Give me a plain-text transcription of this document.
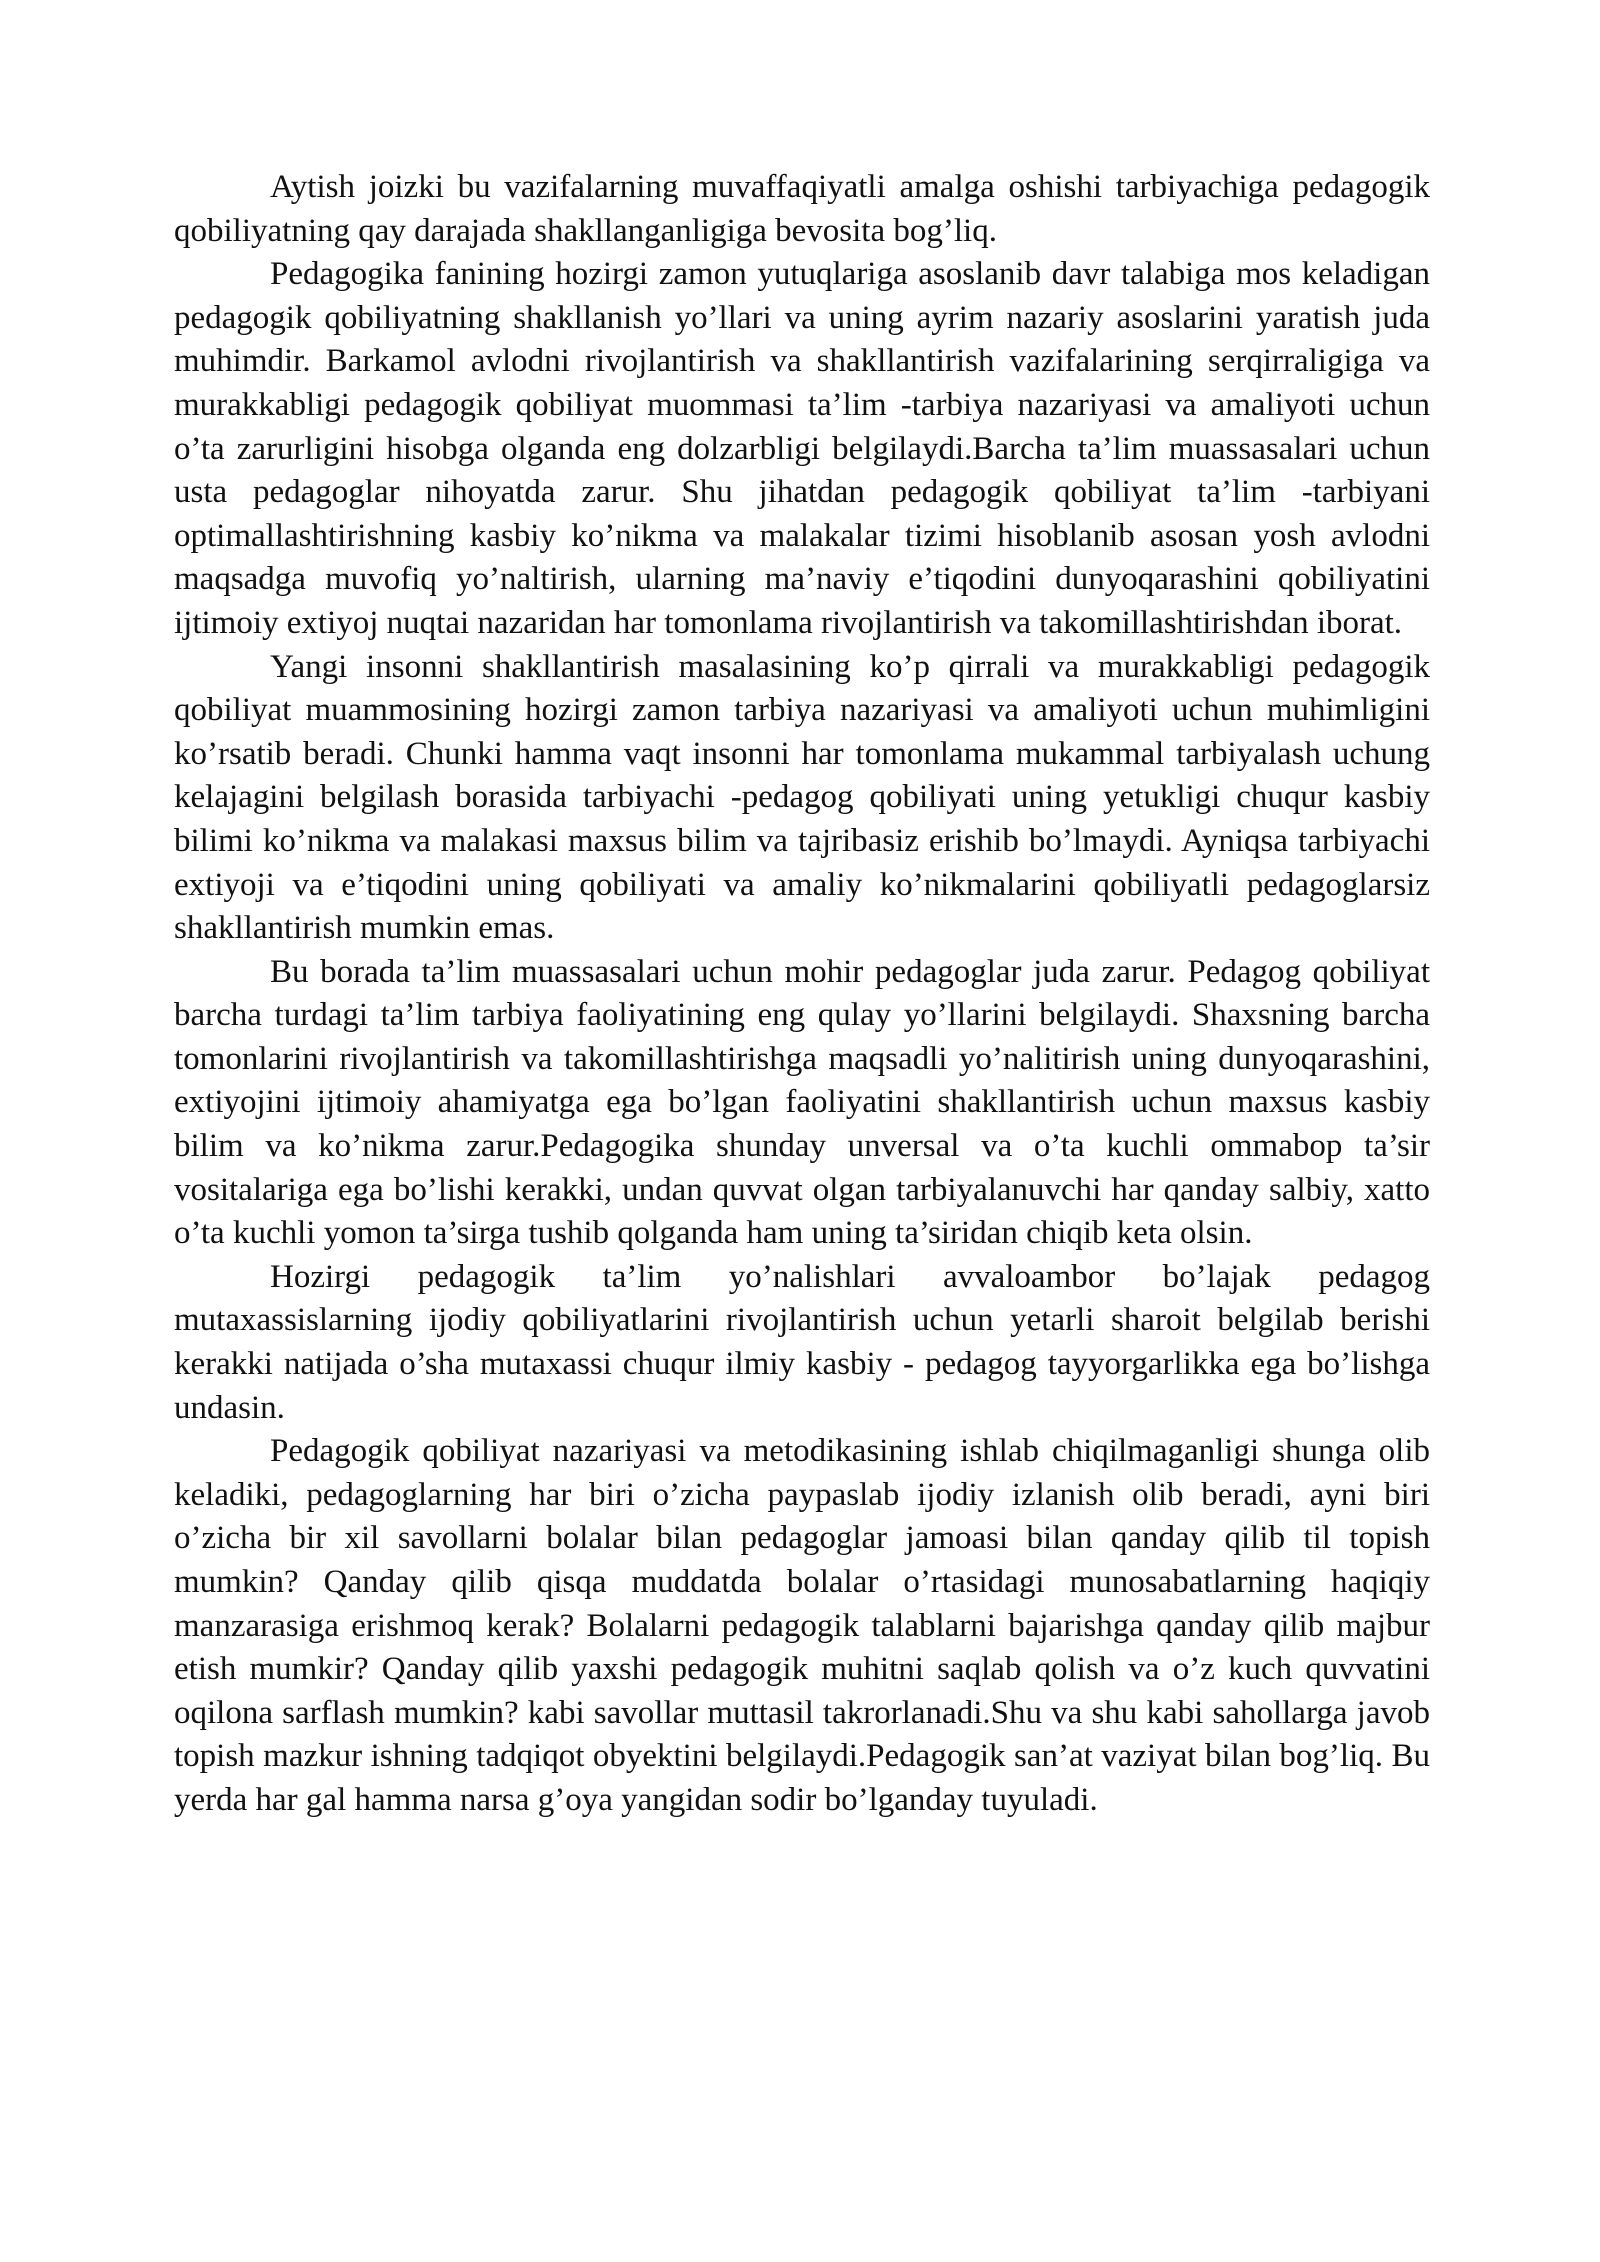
Aytish joizki bu vazifalarning muvaffaqiyatli amalga oshishi tarbiyachiga pedagogik qobiliyatning qay darajada shakllanganligiga bevosita bog’liq.

Pedagogika fanining hozirgi zamon yutuqlariga asoslanib davr talabiga mos keladigan pedagogik qobiliyatning shakllanish yo’llari va uning ayrim nazariy asoslarini yaratish juda muhimdir. Barkamol avlodni rivojlantirish va shakllantirish vazifalarining serqirraligiga va murakkabligi pedagogik qobiliyat muommasi ta’lim -tarbiya nazariyasi va amaliyoti uchun o’ta zarurligini hisobga olganda eng dolzarbligi belgilaydi.Barcha ta’lim muassasalari uchun usta pedagoglar nihoyatda zarur. Shu jihatdan pedagogik qobiliyat ta’lim -tarbiyani optimallashtirishning kasbiy ko’nikma va malakalar tizimi hisoblanib asosan yosh avlodni maqsadga muvofiq yo’naltirish, ularning ma’naviy e’tiqodini dunyoqarashini qobiliyatini ijtimoiy extiyoj nuqtai nazaridan har tomonlama rivojlantirish va takomillashtirishdan iborat.

Yangi insonni shakllantirish masalasining ko’p qirrali va murakkabligi pedagogik qobiliyat muammosining hozirgi zamon tarbiya nazariyasi va amaliyoti uchun muhimligini ko’rsatib beradi. Chunki hamma vaqt insonni har tomonlama mukammal tarbiyalash uchung kelajagini belgilash borasida tarbiyachi -pedagog qobiliyati uning yetukligi chuqur kasbiy bilimi ko’nikma va malakasi maxsus bilim va tajribasiz erishib bo’lmaydi. Ayniqsa tarbiyachi extiyoji va e’tiqodini uning qobiliyati va amaliy ko’nikmalarini qobiliyatli pedagoglarsiz shakllantirish mumkin emas.

Bu borada ta’lim muassasalari uchun mohir pedagoglar juda zarur. Pedagog qobiliyat barcha turdagi ta’lim tarbiya faoliyatining eng qulay yo’llarini belgilaydi. Shaxsning barcha tomonlarini rivojlantirish va takomillashtirishga maqsadli yo’nalitirish uning dunyoqarashini, extiyojini ijtimoiy ahamiyatga ega bo’lgan faoliyatini shakllantirish uchun maxsus kasbiy bilim va ko’nikma zarur.Pedagogika shunday unversal va o’ta kuchli ommabop ta’sir vositalariga ega bo’lishi kerakki, undan quvvat olgan tarbiyalanuvchi har qanday salbiy, xatto o’ta kuchli yomon ta’sirga tushib qolganda ham uning ta’siridan chiqib keta olsin.

Hozirgi pedagogik ta’lim yo’nalishlari avvaloambor bo’lajak pedagog mutaxassislarning ijodiy qobiliyatlarini rivojlantirish uchun yetarli sharoit belgilab berishi kerakki natijada o’sha mutaxassi chuqur ilmiy kasbiy - pedagog tayyorgarlikka ega bo’lishga undasin.

Pedagogik qobiliyat nazariyasi va metodikasining ishlab chiqilmaganligi shunga olib keladiki, pedagoglarning har biri o’zicha paypaslab ijodiy izlanish olib beradi, ayni biri o’zicha bir xil savollarni bolalar bilan pedagoglar jamoasi bilan qanday qilib til topish mumkin? Qanday qilib qisqa muddatda bolalar o’rtasidagi munosabatlarning haqiqiy manzarasiga erishmoq kerak? Bolalarni pedagogik talablarni bajarishga qanday qilib majbur etish mumkir? Qanday qilib yaxshi pedagogik muhitni saqlab qolish va o’z kuch quvvatini oqilona sarflash mumkin? kabi savollar muttasil takrorlanadi.Shu va shu kabi sahollarga javob topish mazkur ishning tadqiqot obyektini belgilaydi.Pedagogik san’at vaziyat bilan bog’liq. Bu yerda har gal hamma narsa g’oya yangidan sodir bo’lganday tuyuladi.
